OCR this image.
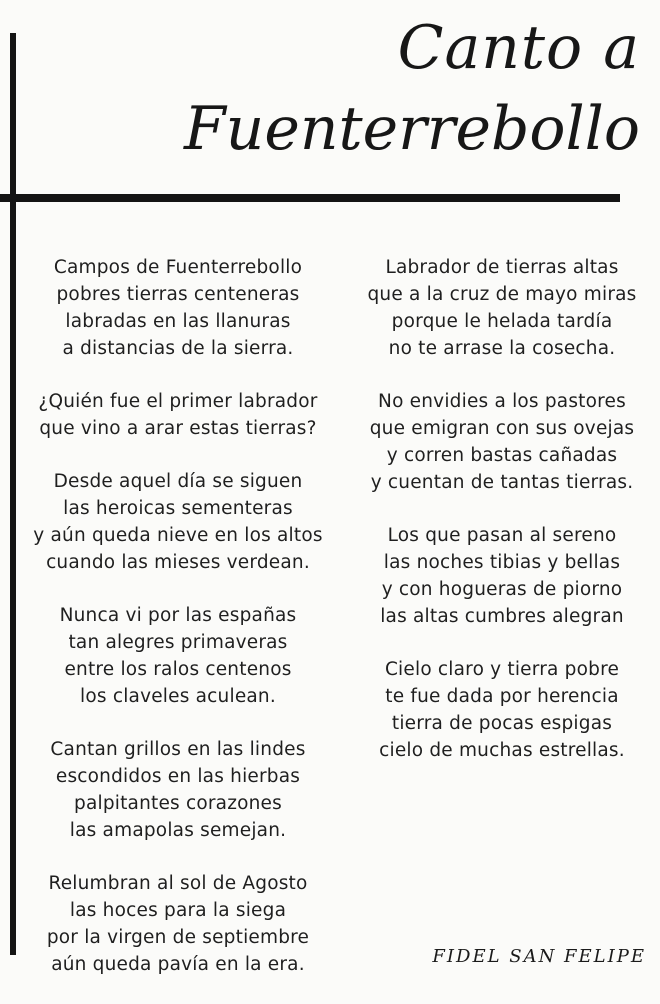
Canto a
Fuenterrebollo
Campos de Fuenterrebollo
pobres tierras centeneras
labradas en las llanuras
a distancias de la sierra.
¿Quién fue el primer labrador
que vino a arar estas tierras?
Desde aquel día se siguen
las heroicas sementeras
y aún queda nieve en los altos
cuando las mieses verdean.
Nunca vi por las españas
tan alegres primaveras
entre los ralos centenos
los claveles aculean.
Cantan grillos en las lindes
escondidos en las hierbas
palpitantes corazones
las amapolas semejan.
Relumbran al sol de Agosto
las hoces para la siega
por la virgen de septiembre
aún queda pavía en la era.
Labrador de tierras altas
que a la cruz de mayo miras
porque le helada tardía
no te arrase la cosecha.
No envidies a los pastores
que emigran con sus ovejas
y corren bastas cañadas
y cuentan de tantas tierras.
Los que pasan al sereno
las noches tibias y bellas
y con hogueras de piorno
las altas cumbres alegran
Cielo claro y tierra pobre
te fue dada por herencia
tierra de pocas espigas
cielo de muchas estrellas.
FIDEL SAN FELIPE
